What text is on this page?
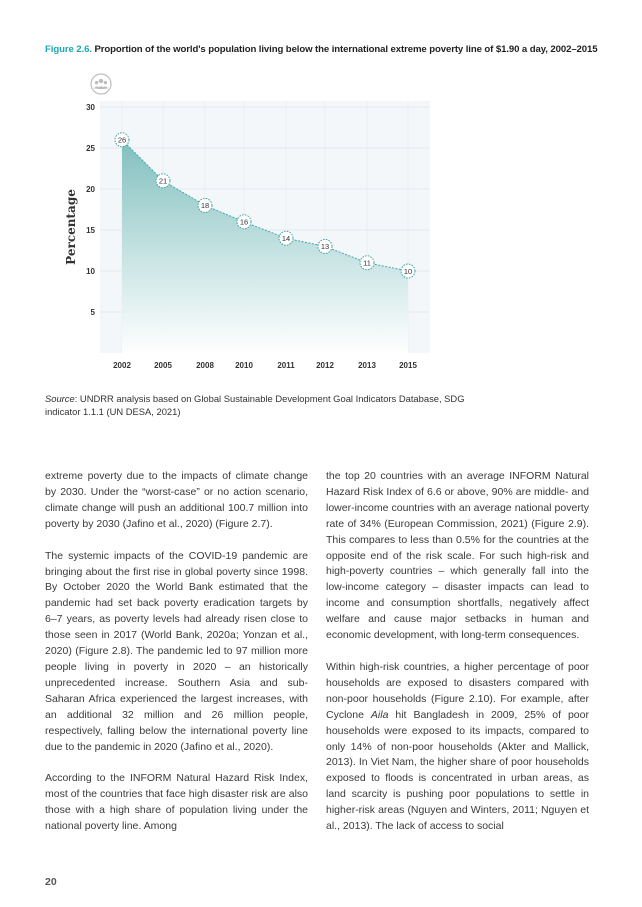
Figure 2.6. Proportion of the world's population living below the international extreme poverty line of $1.90 a day, 2002–2015
5
10
15
20
25
30
2002	2005	2008	2010	2011	2012	2013	2015
26
21
18
16
14
13
11
10
Percentage
Source: UNDRR analysis based on Global Sustainable Development Goal Indicators Database, SDG indicator 1.1.1 (UN DESA, 2021)

extreme poverty due to the impacts of climate change by 2030. Under the “worst-case” or no action scenario, climate change will push an additional 100.7 million into poverty by 2030 (Jafino et al., 2020) (Figure 2.7).

The systemic impacts of the COVID-19 pandemic are bringing about the first rise in global poverty since 1998. By October 2020 the World Bank estimated that the pandemic had set back poverty eradication targets by 6–7 years, as poverty levels had already risen close to those seen in 2017 (World Bank, 2020a; Yonzan et al., 2020) (Figure 2.8). The pandemic led to 97 million more people living in poverty in 2020 – an historically unprecedented increase. Southern Asia and sub-Saharan Africa experienced the largest increases, with an additional 32 million and 26 million people, respectively, falling below the international poverty line due to the pandemic in 2020 (Jafino et al., 2020).

According to the INFORM Natural Hazard Risk Index, most of the countries that face high disaster risk are also those with a high share of population living under the national poverty line. Among

the top 20 countries with an average INFORM Natural Hazard Risk Index of 6.6 or above, 90% are middle- and lower-income countries with an average national poverty rate of 34% (European Commission, 2021) (Figure 2.9). This compares to less than 0.5% for the countries at the opposite end of the risk scale. For such high-risk and high-poverty countries – which generally fall into the low-income category – disaster impacts can lead to income and consumption shortfalls, negatively affect welfare and cause major setbacks in human and economic development, with long-term consequences.

Within high-risk countries, a higher percentage of poor households are exposed to disasters compared with non-poor households (Figure 2.10). For example, after Cyclone Aila hit Bangladesh in 2009, 25% of poor households were exposed to its impacts, compared to only 14% of non-poor households (Akter and Mallick, 2013). In Viet Nam, the higher share of poor households exposed to floods is concentrated in urban areas, as land scarcity is pushing poor populations to settle in higher-risk areas (Nguyen and Winters, 2011; Nguyen et al., 2013). The lack of access to social

20
